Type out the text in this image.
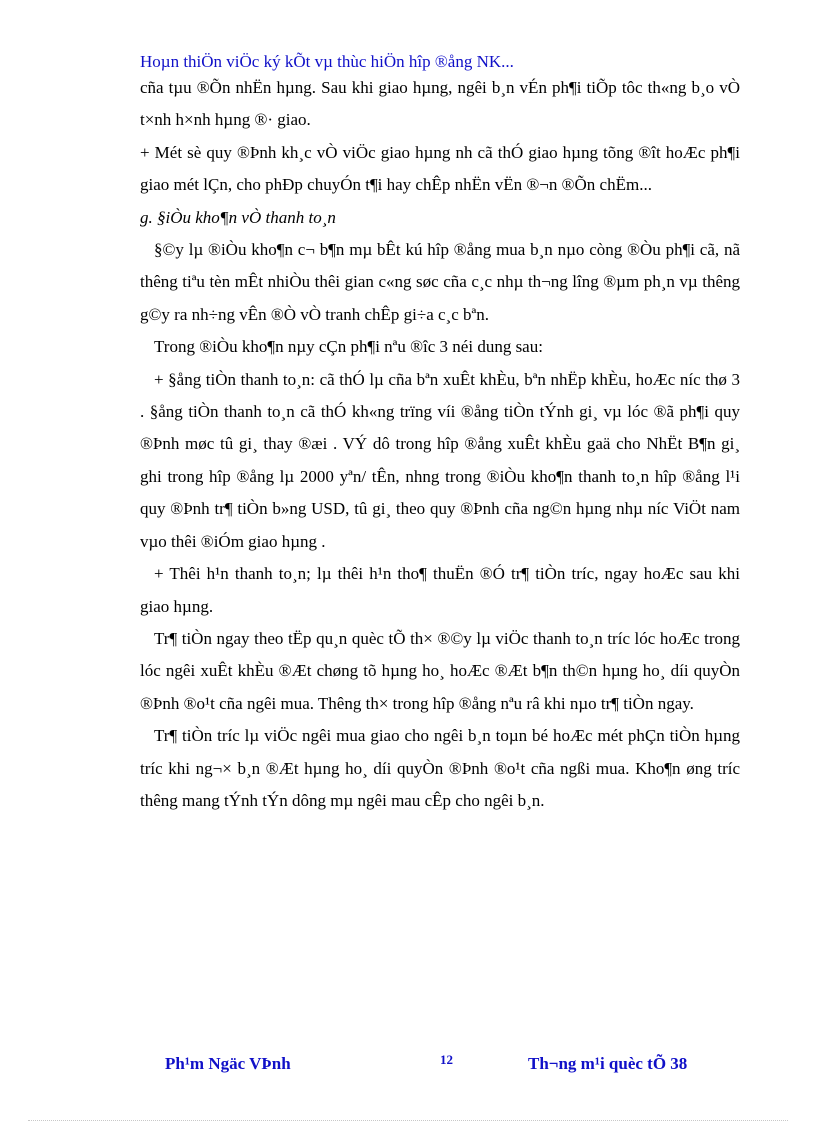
Hoµn thiÖn viÖc ký kÕt vµ thùc hiÖn hîp ®ång NK...

cña tµu ®Õn nhËn hµng. Sau khi giao hµng, ngêi b¸n vÉn ph¶i tiÕp tôc th«ng b¸o vÒ t×nh h×nh hµng ®· giao.

+ Mét sè quy ®Þnh kh¸c vÒ viÖc giao hµng nh cã thÓ giao hµng tõng ®ît hoÆc ph¶i giao mét lÇn, cho phÐp chuyÓn t¶i hay chÊp nhËn vËn ®¬n ®Õn chËm...

g. §iÒu kho¶n vÒ thanh to¸n

§©y lµ ®iÒu kho¶n c¬ b¶n mµ bÊt kú hîp ®ång mua b¸n nµo còng ®Òu ph¶i cã, nã thêng tiªu tèn mÊt nhiÒu thêi gian c«ng søc cña c¸c nhµ th¬ng lîng ®µm ph¸n vµ thêng g©y ra nh÷ng vÊn ®Ò vÒ tranh chÊp gi÷a c¸c bªn.

Trong ®iÒu kho¶n nµy cÇn ph¶i nªu ®îc 3 néi dung sau:

+ §ång tiÒn thanh to¸n: cã thÓ lµ cña bªn xuÊt khÈu, bªn nhËp khÈu, hoÆc níc thø 3 . §ång tiÒn thanh to¸n cã thÓ kh«ng trïng víi ®ång tiÒn tÝnh gi¸ vµ lóc ®ã ph¶i quy ®Þnh møc tû gi¸ thay ®æi . VÝ dô trong hîp ®ång xuÊt khÈu gaä cho NhËt B¶n gi¸ ghi trong hîp ®ång lµ 2000 yªn/ tÊn, nhng trong ®iÒu kho¶n thanh to¸n hîp ®ång l¹i quy ®Þnh tr¶ tiÒn b»ng USD, tû gi¸ theo quy ®Þnh cña ng©n hµng nhµ níc ViÖt nam vµo thêi ®iÓm giao hµng .

+ Thêi h¹n thanh to¸n; lµ thêi h¹n tho¶ thuËn ®Ó tr¶ tiÒn tríc, ngay hoÆc sau khi giao hµng.

Tr¶ tiÒn ngay theo tËp qu¸n quèc tÕ th× ®©y lµ viÖc thanh to¸n tríc lóc hoÆc trong lóc ngêi xuÊt khÈu ®Æt chøng tõ hµng ho¸ hoÆc ®Æt b¶n th©n hµng ho¸ díi quyÒn ®Þnh ®o¹t cña ngêi mua. Thêng th× trong hîp ®ång nªu râ khi nµo tr¶ tiÒn ngay.

Tr¶ tiÒn tríc lµ viÖc ngêi mua giao cho ngêi b¸n toµn bé hoÆc mét phÇn tiÒn hµng tríc khi ng¬× b¸n ®Æt hµng ho¸ díi quyÒn ®Þnh ®o¹t cña ngßi mua. Kho¶n øng tríc thêng mang tÝnh tÝn dông mµ ngêi mau cÊp cho ngêi b¸n.

Ph¹m Ngäc VÞnh	12	Th¬ng m¹i quèc tÕ 38
